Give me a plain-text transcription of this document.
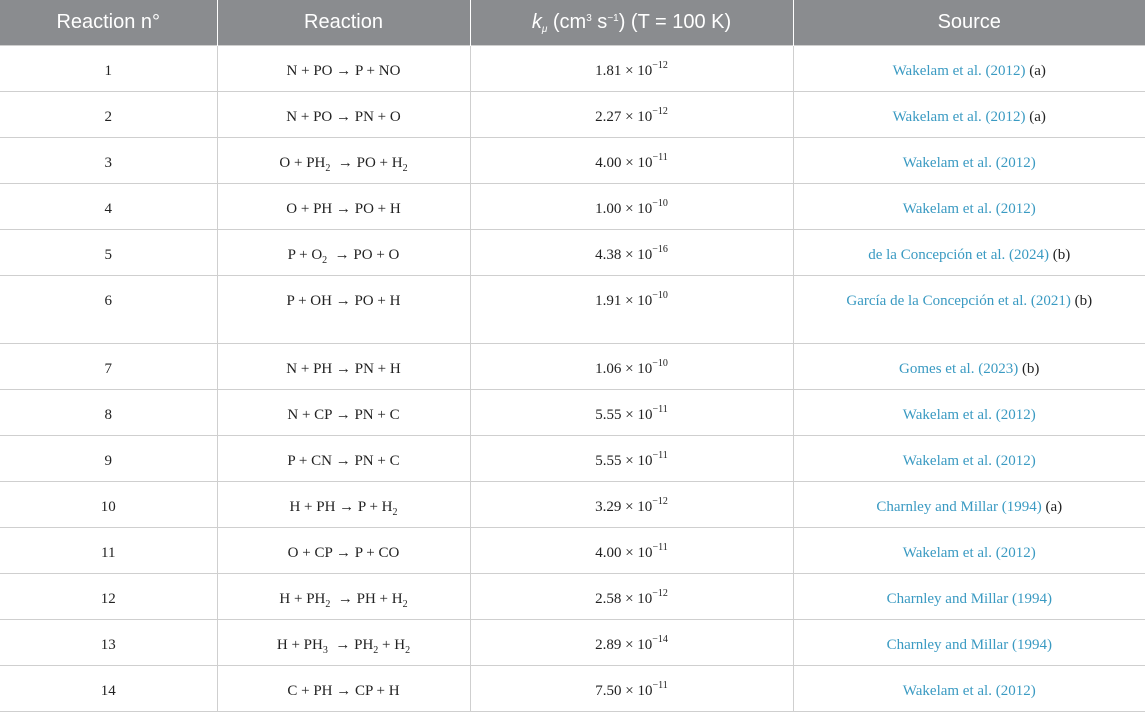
Reaction n°	Reaction	$k_\mu$ ($cm^3$ $s^{-1}$) (T = 100 K)	Source
1	N + PO → P + NO	$1.81 \times 10^{-12}$	Wakelam et al. (2012) (a)
2	N + PO → PN + O	$2.27 \times 10^{-12}$	Wakelam et al. (2012) (a)
3	$O + PH_2$  → PO + $H_2$	$4.00 \times 10^{-11}$	Wakelam et al. (2012)
4	O + PH → PO + H	$1.00 \times 10^{-10}$	Wakelam et al. (2012)
5	$P + O_2$  → PO + O	$4.38 \times 10^{-16}$	de la Concepción et al. (2024) (b)
6	P + OH → PO + H	$1.91 \times 10^{-10}$	García de la Concepción et al. (2021) (b)
7	N + PH → PN + H	$1.06 \times 10^{-10}$	Gomes et al. (2023) (b)
8	N + CP → PN + C	$5.55 \times 10^{-11}$	Wakelam et al. (2012)
9	P + CN → PN + C	$5.55 \times 10^{-11}$	Wakelam et al. (2012)
10	H + PH → $P + H_2$	$3.29 \times 10^{-12}$	Charnley and Millar (1994) (a)
11	O + CP → P + CO	$4.00 \times 10^{-11}$	Wakelam et al. (2012)
12	$H + PH_2$  → PH + $H_2$	$2.58 \times 10^{-12}$	Charnley and Millar (1994)
13	$H + PH_3 \to PH_2 + H_2$	$2.89 \times 10^{-14}$	Charnley and Millar (1994)
14	C + PH → CP + H	$7.50 \times 10^{-11}$	Wakelam et al. (2012)
